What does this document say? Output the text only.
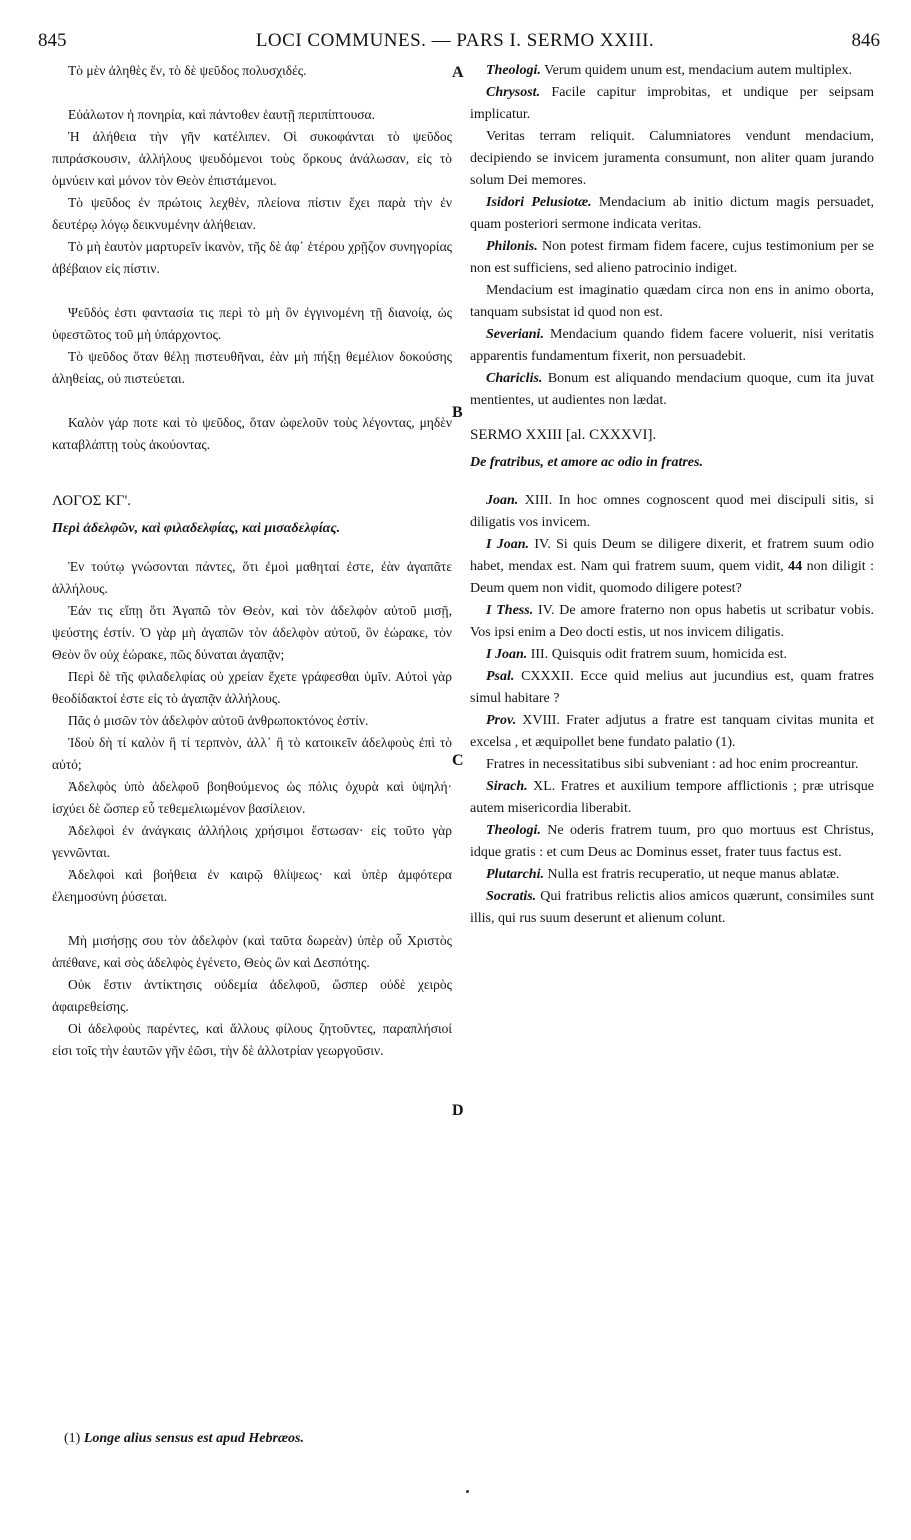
845	LOCI COMMUNES. — PARS I. SERMO XXIII.	846
A
B
C
D

Τὸ μὲν ἀληθὲς ἕν, τὸ δὲ ψεῦδος πολυσχιδές.

Εὐάλωτον ἡ πονηρία, καὶ πάντοθεν ἑαυτῇ περιπίπτουσα.

Ἡ ἀλήθεια τὴν γῆν κατέλιπεν. Οἱ συκοφάνται τὸ ψεῦδος πιπράσκουσιν, ἀλλήλους ψευδόμενοι τοὺς ὅρκους ἀνάλωσαν, εἰς τὸ ὀμνύειν καὶ μόνον τὸν Θεὸν ἐπιστάμενοι.

Τὸ ψεῦδος ἐν πρώτοις λεχθὲν, πλείονα πίστιν ἔχει παρὰ τὴν ἐν δευτέρῳ λόγῳ δεικνυμένην ἀλήθειαν.

Τὸ μὴ ἑαυτὸν μαρτυρεῖν ἱκανὸν, τῆς δὲ ἀφ᾽ ἑτέρου χρῇζον συνηγορίας ἀβέβαιον εἰς πίστιν.

Ψεῦδός ἐστι φαντασία τις περὶ τὸ μὴ ὂν ἐγγινομένη τῇ διανοίᾳ, ὡς ὑφεστῶτος τοῦ μὴ ὑπάρχοντος.

Τὸ ψεῦδος ὅταν θέλῃ πιστευθῆναι, ἐὰν μὴ πήξῃ θεμέλιον δοκούσης ἀληθείας, οὐ πιστεύεται.

Καλὸν γάρ ποτε καὶ τὸ ψεῦδος, ὅταν ὠφελοῦν τοὺς λέγοντας, μηδὲν καταβλάπτῃ τοὺς ἀκούοντας.

ΛΟΓΟΣ ΚΓ'.

Περὶ ἀδελφῶν, καὶ φιλαδελφίας, καὶ μισαδελφίας.

Ἐν τούτῳ γνώσονται πάντες, ὅτι ἐμοὶ μαθηταί ἐστε, ἐὰν ἀγαπᾶτε ἀλλήλους.

Ἐάν τις εἴπῃ ὅτι Ἀγαπῶ τὸν Θεὸν, καὶ τὸν ἀδελφὸν αὐτοῦ μισῇ, ψεύστης ἐστίν. Ὁ γὰρ μὴ ἀγαπῶν τὸν ἀδελφὸν αὐτοῦ, ὃν ἑώρακε, τὸν Θεὸν ὃν οὐχ ἑώρακε, πῶς δύναται ἀγαπᾷν;

Περὶ δὲ τῆς φιλαδελφίας οὐ χρείαν ἔχετε γράφεσθαι ὑμῖν. Αὐτοὶ γὰρ θεοδίδακτοί ἐστε εἰς τὸ ἀγαπᾷν ἀλλήλους.

Πᾶς ὁ μισῶν τὸν ἀδελφὸν αὐτοῦ ἀνθρωποκτόνος ἐστίν.

Ἰδοὺ δὴ τί καλὸν ἢ τί τερπνὸν, ἀλλ᾽ ἢ τὸ κατοικεῖν ἀδελφοὺς ἐπὶ τὸ αὐτό;

Ἀδελφὸς ὑπὸ ἀδελφοῦ βοηθούμενος ὡς πόλις ὀχυρὰ καὶ ὑψηλή· ἰσχύει δὲ ὥσπερ εὖ τεθεμελιωμένον βασίλειον.

Ἀδελφοὶ ἐν ἀνάγκαις ἀλλήλοις χρήσιμοι ἔστωσαν· εἰς τοῦτο γὰρ γεννῶνται.

Ἀδελφοὶ καὶ βοήθεια ἐν καιρῷ θλίψεως· καὶ ὑπὲρ ἀμφότερα ἐλεημοσύνη ῥύσεται.

Μὴ μισήσῃς σου τὸν ἀδελφὸν (καὶ ταῦτα δωρεὰν) ὑπὲρ οὗ Χριστὸς ἀπέθανε, καὶ σὸς ἀδελφὸς ἐγένετο, Θεὸς ὢν καὶ Δεσπότης.

Οὐκ ἔστιν ἀντίκτησις οὐδεμία ἀδελφοῦ, ὥσπερ οὐδὲ χειρὸς ἀφαιρεθείσης.

Οἱ ἀδελφοὺς παρέντες, καὶ ἄλλους φίλους ζητοῦντες, παραπλήσιοί εἰσι τοῖς τὴν ἑαυτῶν γῆν ἐῶσι, τὴν δὲ ἀλλοτρίαν γεωργοῦσιν.

Theologi. Verum quidem unum est, mendacium autem multiplex.

Chrysost. Facile capitur improbitas, et undique per seipsam implicatur.

Veritas terram reliquit. Calumniatores vendunt mendacium, decipiendo se invicem juramenta consumunt, non aliter quam jurando solum Dei memores.

Isidori Pelusiotæ. Mendacium ab initio dictum magis persuadet, quam posteriori sermone indicata veritas.

Philonis. Non potest firmam fidem facere, cujus testimonium per se non est sufficiens, sed alieno patrocinio indiget.

Mendacium est imaginatio quædam circa non ens in animo oborta, tanquam subsistat id quod non est.

Severiani. Mendacium quando fidem facere voluerit, nisi veritatis apparentis fundamentum fixerit, non persuadebit.

Chariclis. Bonum est aliquando mendacium quoque, cum ita juvat mentientes, ut audientes non lædat.

SERMO XXIII [al. CXXXVI].

De fratribus, et amore ac odio in fratres.

Joan. XIII. In hoc omnes cognoscent quod mei discipuli sitis, si diligatis vos invicem.

I Joan. IV. Si quis Deum se diligere dixerit, et fratrem suum odio habet, mendax est. Nam qui fratrem suum, quem vidit, 44 non diligit : Deum quem non vidit, quomodo diligere potest?

I Thess. IV. De amore fraterno non opus habetis ut scribatur vobis. Vos ipsi enim a Deo docti estis, ut nos invicem diligatis.

I Joan. III. Quisquis odit fratrem suum, homicida est.

Psal. CXXXII. Ecce quid melius aut jucundius est, quam fratres simul habitare ?

Prov. XVIII. Frater adjutus a fratre est tanquam civitas munita et excelsa , et æquipollet bene fundato palatio (1).

Fratres in necessitatibus sibi subveniant : ad hoc enim procreantur.

Sirach. XL. Fratres et auxilium tempore afflictionis ; præ utrisque autem misericordia liberabit.

Theologi. Ne oderis fratrem tuum, pro quo mortuus est Christus, idque gratis : et cum Deus ac Dominus esset, frater tuus factus est.

Plutarchi. Nulla est fratris recuperatio, ut neque manus ablatæ.

Socratis. Qui fratribus relictis alios amicos quærunt, consimiles sunt illis, qui rus suum deserunt et alienum colunt.

(1) Longe alius sensus est apud Hebræos.
